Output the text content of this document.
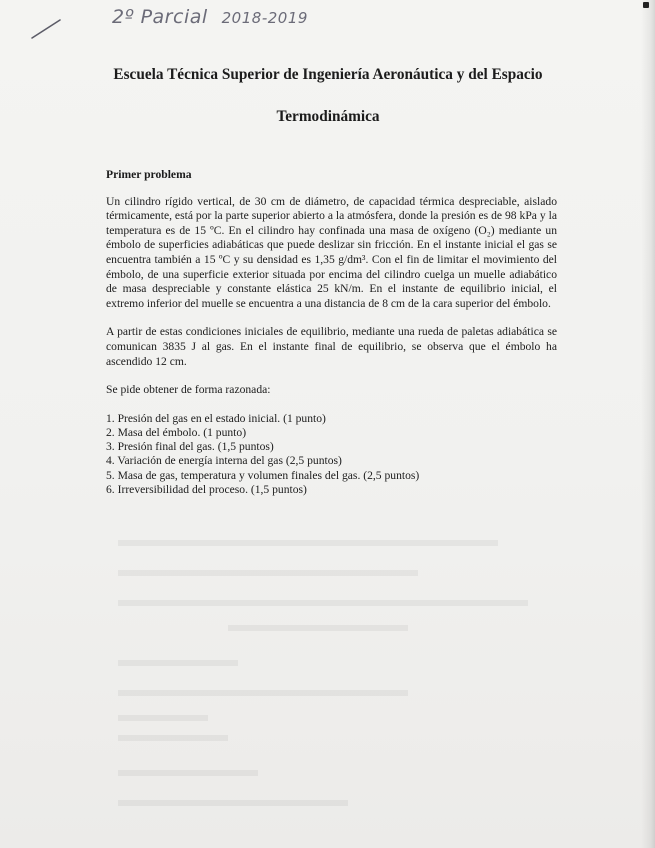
2º Parcial 2018-2019

Escuela Técnica Superior de Ingeniería Aeronáutica y del Espacio

Termodinámica

Primer problema

Un cilindro rígido vertical, de 30 cm de diámetro, de capacidad térmica despreciable, aislado térmicamente, está por la parte superior abierto a la atmósfera, donde la presión es de 98 kPa y la temperatura es de 15 ºC. En el cilindro hay confinada una masa de oxígeno (O₂) mediante un émbolo de superficies adiabáticas que puede deslizar sin fricción. En el instante inicial el gas se encuentra también a 15 ºC y su densidad es 1,35 g/dm³. Con el fin de limitar el movimiento del émbolo, de una superficie exterior situada por encima del cilindro cuelga un muelle adiabático de masa despreciable y constante elástica 25 kN/m. En el instante de equilibrio inicial, el extremo inferior del muelle se encuentra a una distancia de 8 cm de la cara superior del émbolo.

A partir de estas condiciones iniciales de equilibrio, mediante una rueda de paletas adiabática se comunican 3835 J al gas. En el instante final de equilibrio, se observa que el émbolo ha ascendido 12 cm.

Se pide obtener de forma razonada:

1. Presión del gas en el estado inicial. (1 punto)
2. Masa del émbolo. (1 punto)
3. Presión final del gas. (1,5 puntos)
4. Variación de energía interna del gas (2,5 puntos)
5. Masa de gas, temperatura y volumen finales del gas. (2,5 puntos)
6. Irreversibilidad del proceso. (1,5 puntos)
